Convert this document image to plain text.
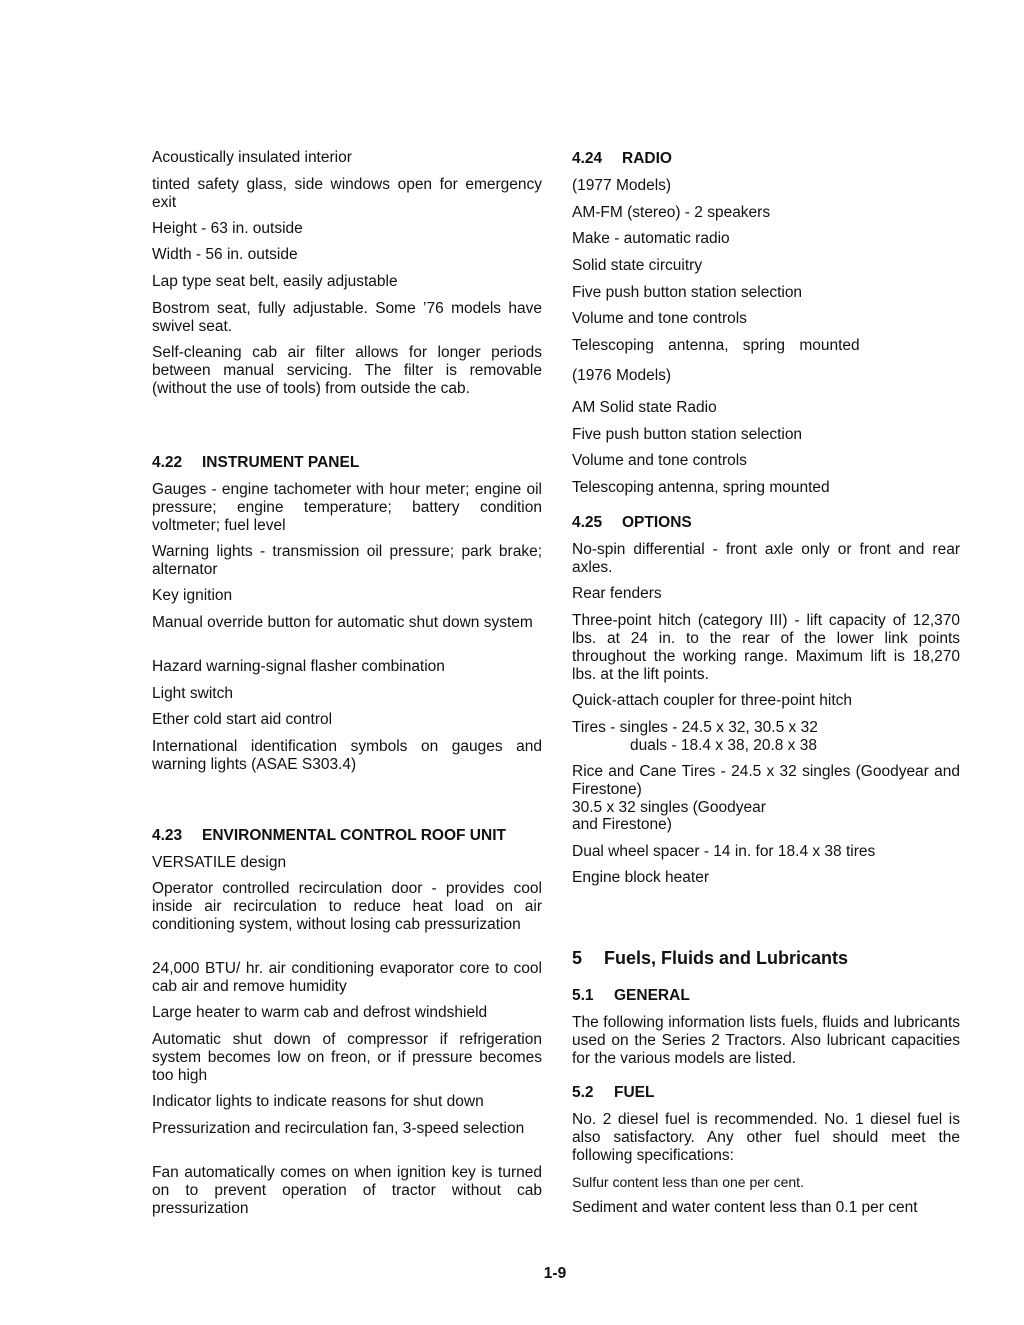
Acoustically insulated interior
tinted safety glass, side windows open for emergency exit
Height - 63 in. outside
Width - 56 in. outside
Lap type seat belt, easily adjustable
Bostrom seat, fully adjustable. Some ’76 models have swivel seat.
Self-cleaning cab air filter allows for longer periods between manual servicing. The filter is removable (without the use of tools) from outside the cab.
4.22 INSTRUMENT PANEL
Gauges - engine tachometer with hour meter; engine oil pressure; engine temperature; battery condition voltmeter; fuel level
Warning lights - transmission oil pressure; park brake; alternator
Key ignition
Manual override button for automatic shut down system
Hazard warning-signal flasher combination
Light switch
Ether cold start aid control
International identification symbols on gauges and warning lights (ASAE S303.4)
4.23 ENVIRONMENTAL CONTROL ROOF UNIT
VERSATILE design
Operator controlled recirculation door - provides cool inside air recirculation to reduce heat load on air conditioning system, without losing cab pressurization
24,000 BTU/ hr. air conditioning evaporator core to cool cab air and remove humidity
Large heater to warm cab and defrost windshield
Automatic shut down of compressor if refrigeration system becomes low on freon, or if pressure becomes too high
Indicator lights to indicate reasons for shut down
Pressurization and recirculation fan, 3-speed selection
Fan automatically comes on when ignition key is turned on to prevent operation of tractor without cab pressurization
4.24 RADIO
(1977 Models)
AM-FM (stereo) - 2 speakers
Make - automatic radio
Solid state circuitry
Five push button station selection
Volume and tone controls
Telescoping antenna, spring mounted
(1976 Models)
AM Solid state Radio
Five push button station selection
Volume and tone controls
Telescoping antenna, spring mounted
4.25 OPTIONS
No-spin differential - front axle only or front and rear axles.
Rear fenders
Three-point hitch (category III) - lift capacity of 12,370 lbs. at 24 in. to the rear of the lower link points throughout the working range. Maximum lift is 18,270 lbs. at the lift points.
Quick-attach coupler for three-point hitch
Tires - singles - 24.5 x 32, 30.5 x 32
duals - 18.4 x 38, 20.8 x 38
Rice and Cane Tires - 24.5 x 32 singles (Goodyear and Firestone)
30.5 x 32 singles (Goodyear
and Firestone)
Dual wheel spacer - 14 in. for 18.4 x 38 tires
Engine block heater
5 Fuels, Fluids and Lubricants
5.1 GENERAL
The following information lists fuels, fluids and lubricants used on the Series 2 Tractors. Also lubricant capacities for the various models are listed.
5.2 FUEL
No. 2 diesel fuel is recommended. No. 1 diesel fuel is also satisfactory. Any other fuel should meet the following specifications:
Sulfur content less than one per cent.
Sediment and water content less than 0.1 per cent
1-9
